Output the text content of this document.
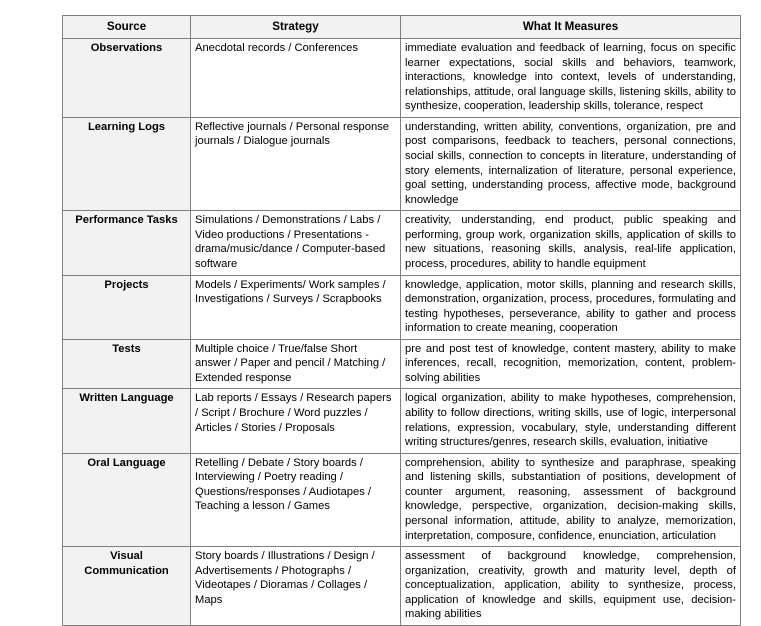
Source	Strategy	What It Measures
Observations	Anecdotal records / Conferences	immediate evaluation and feedback of learning, focus on specific learner expectations, social skills and behaviors, teamwork, interactions, knowledge into context, levels of understanding, relationships, attitude, oral language skills, listening skills, ability to synthesize, cooperation, leadership skills, tolerance, respect
Learning Logs	Reflective journals / Personal response journals / Dialogue journals	understanding, written ability, conventions, organization, pre and post comparisons, feedback to teachers, personal connections, social skills, connection to concepts in literature, understanding of story elements, internalization of literature, personal experience, goal setting, understanding process, affective mode, background knowledge
Performance Tasks	Simulations / Demonstrations / Labs / Video productions / Presentations - drama/music/dance / Computer-based software	creativity, understanding, end product, public speaking and performing, group work, organization skills, application of skills to new situations, reasoning skills, analysis, real-life application, process, procedures, ability to handle equipment
Projects	Models / Experiments/ Work samples / Investigations / Surveys / Scrapbooks	knowledge, application, motor skills, planning and research skills, demonstration, organization, process, procedures, formulating and testing hypotheses, perseverance, ability to gather and process information to create meaning, cooperation
Tests	Multiple choice / True/false Short answer / Paper and pencil / Matching / Extended response	pre and post test of knowledge, content mastery, ability to make inferences, recall, recognition, memorization, content, problem-solving abilities
Written Language	Lab reports / Essays / Research papers / Script / Brochure / Word puzzles / Articles / Stories / Proposals	logical organization, ability to make hypotheses, comprehension, ability to follow directions, writing skills, use of logic, interpersonal relations, expression, vocabulary, style, understanding different writing structures/genres, research skills, evaluation, initiative
Oral Language	Retelling / Debate / Story boards / Interviewing / Poetry reading / Questions/responses / Audiotapes / Teaching a lesson / Games	comprehension, ability to synthesize and paraphrase, speaking and listening skills, substantiation of positions, development of counter argument, reasoning, assessment of background knowledge, perspective, organization, decision-making skills, personal information, attitude, ability to analyze, memorization, interpretation, composure, confidence, enunciation, articulation
Visual Communication	Story boards / Illustrations / Design / Advertisements / Photographs / Videotapes / Dioramas / Collages / Maps	assessment of background knowledge, comprehension, organization, creativity, growth and maturity level, depth of conceptualization, application, ability to synthesize, process, application of knowledge and skills, equipment use, decision-making abilities
